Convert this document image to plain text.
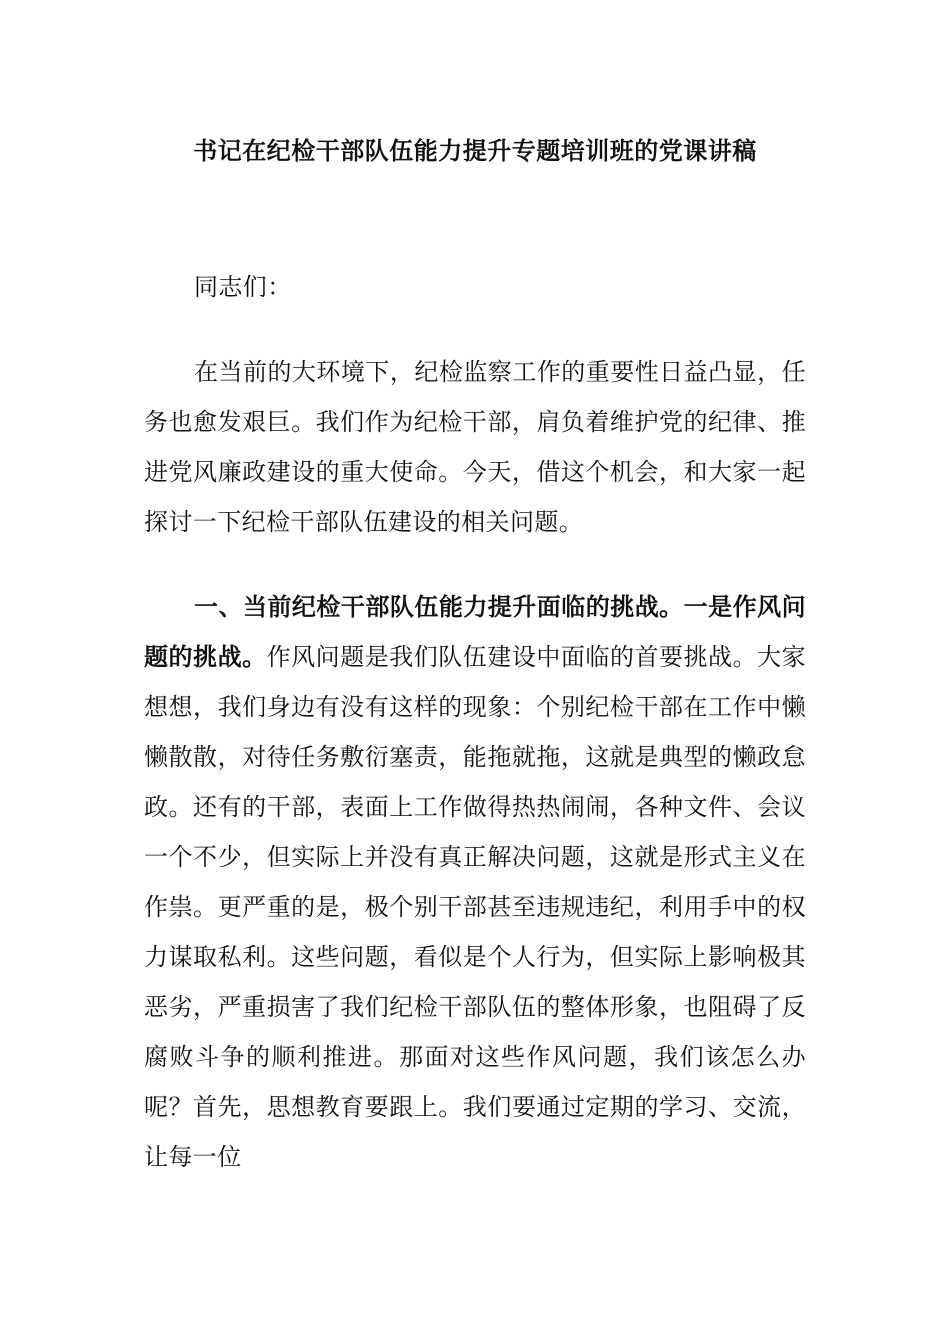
书记在纪检干部队伍能力提升专题培训班的党课讲稿

同志们：

在当前的大环境下，纪检监察工作的重要性日益凸显，任务也愈发艰巨。我们作为纪检干部，肩负着维护党的纪律、推进党风廉政建设的重大使命。今天，借这个机会，和大家一起探讨一下纪检干部队伍建设的相关问题。

一、当前纪检干部队伍能力提升面临的挑战。一是作风问题的挑战。作风问题是我们队伍建设中面临的首要挑战。大家想想，我们身边有没有这样的现象：个别纪检干部在工作中懒懒散散，对待任务敷衍塞责，能拖就拖，这就是典型的懒政怠政。还有的干部，表面上工作做得热热闹闹，各种文件、会议一个不少，但实际上并没有真正解决问题，这就是形式主义在作祟。更严重的是，极个别干部甚至违规违纪，利用手中的权力谋取私利。这些问题，看似是个人行为，但实际上影响极其恶劣，严重损害了我们纪检干部队伍的整体形象，也阻碍了反腐败斗争的顺利推进。那面对这些作风问题，我们该怎么办呢？首先，思想教育要跟上。我们要通过定期的学习、交流，让每一位
